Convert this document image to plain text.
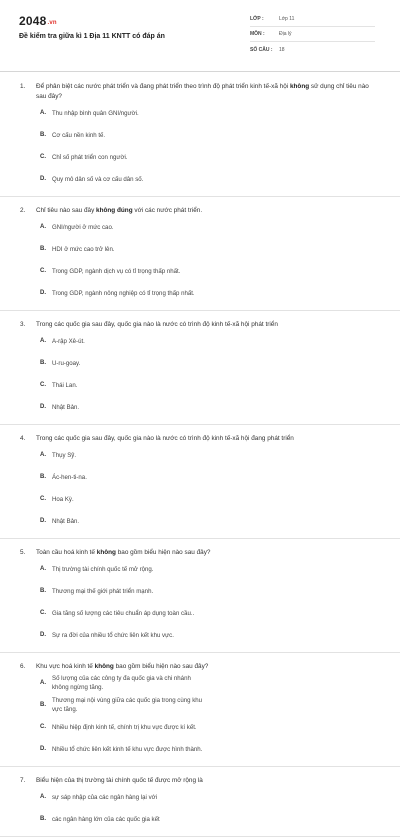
2048.vn
Đề kiểm tra giữa kì 1 Địa 11 KNTT có đáp án
LỚP :	Lớp 11
MÔN :	Địa lý
SỐ CÂU :	18
1.	Để phân biệt các nước phát triển và đang phát triển theo trình độ phát triển kinh tế-xã hội không sử dụng chỉ tiêu nào sau đây?
A. Thu nhập bình quân GNI/người.
B. Cơ cấu nền kinh tế.
C. Chỉ số phát triển con người.
D. Quy mô dân số và cơ cấu dân số.
2.	Chỉ tiêu nào sau đây không đúng với các nước phát triển.
A. GNI/người ở mức cao.
B. HDI ở mức cao trở lên.
C. Trong GDP, ngành dịch vụ có tỉ trọng thấp nhất.
D. Trong GDP, ngành nông nghiệp có tỉ trọng thấp nhất.
3.	Trong các quốc gia sau đây, quốc gia nào là nước có trình độ kinh tế-xã hội phát triển
A. A-rập Xê-út.
B. U-ru-goay.
C. Thái Lan.
D. Nhật Bản.
4.	Trong các quốc gia sau đây, quốc gia nào là nước có trình độ kinh tế-xã hội đang phát triển
A. Thụy Sỹ.
B. Ác-hen-ti-na.
C. Hoa Kỳ.
D. Nhật Bản.
5.	Toàn cầu hoá kinh tế không bao gồm biểu hiện nào sau đây?
A. Thị trường tài chính quốc tế mở rộng.
B. Thương mại thế giới phát triển mạnh.
C. Gia tăng số lượng các tiêu chuẩn áp dụng toàn cầu..
D. Sự ra đời của nhiều tổ chức liên kết khu vực.
6.	Khu vực hoá kinh tế không bao gồm biểu hiện nào sau đây?
A.
Số lượng của các công ty đa quốc gia và chi nhánh không ngừng tăng.
B.
Thương mại nội vùng giữa các quốc gia trong cùng khu vực tăng.
C. Nhiều hiệp định kinh tế, chính trị khu vực được kí kết.
D. Nhiều tổ chức liên kết kinh tế khu vực được hình thành.
7.	Biểu hiện của thị trường tài chính quốc tế được mở rộng là
A. sự sáp nhập của các ngân hàng lại với
B. các ngân hàng lớn của các quốc gia kết
